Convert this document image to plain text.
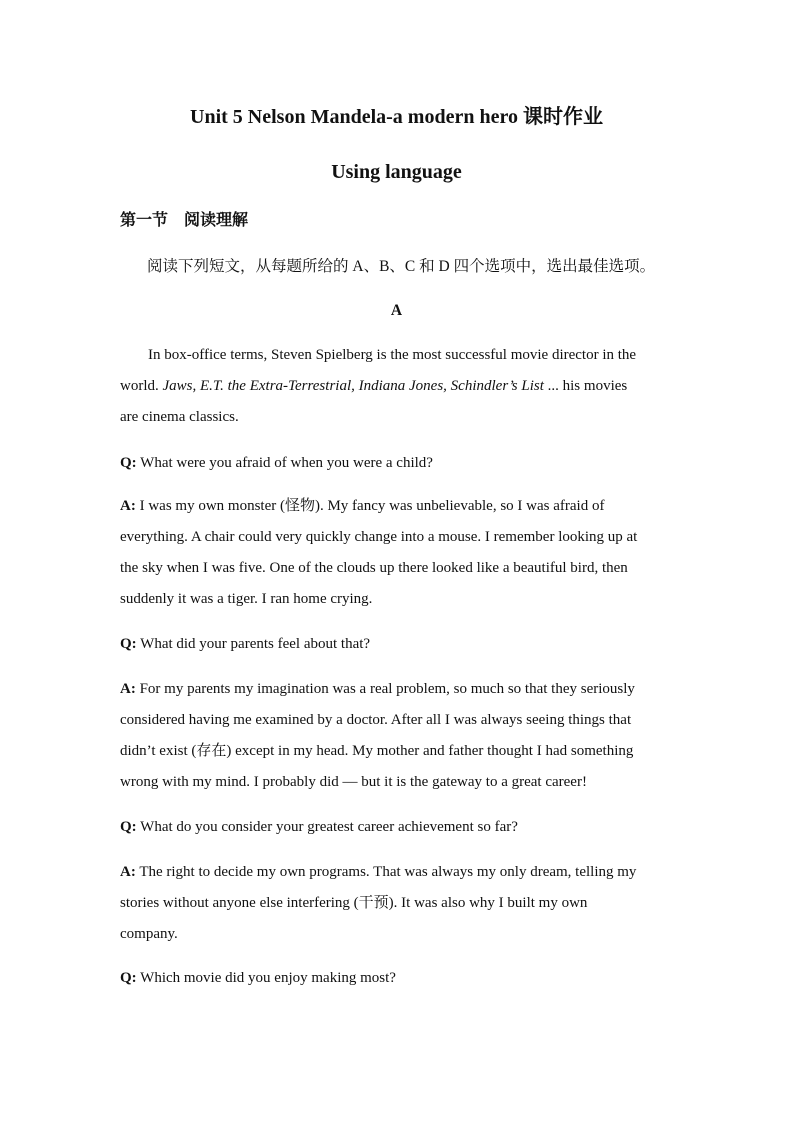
Unit 5 Nelson Mandela-a modern hero 课时作业
Using language
第一节　阅读理解
阅读下列短文，从每题所给的 A、B、C 和 D 四个选项中，选出最佳选项。
A
In box-office terms, Steven Spielberg is the most successful movie director in the
world. Jaws, E.T. the Extra-Terrestrial, Indiana Jones, Schindler’s List ... his movies
are cinema classics.
Q: What were you afraid of when you were a child?
A: I was my own monster (怪物). My fancy was unbelievable, so I was afraid of
everything. A chair could very quickly change into a mouse. I remember looking up at
the sky when I was five. One of the clouds up there looked like a beautiful bird, then
suddenly it was a tiger. I ran home crying.
Q: What did your parents feel about that?
A: For my parents my imagination was a real problem, so much so that they seriously
considered having me examined by a doctor. After all I was always seeing things that
didn’t exist (存在) except in my head. My mother and father thought I had something
wrong with my mind. I probably did — but it is the gateway to a great career!
Q: What do you consider your greatest career achievement so far?
A: The right to decide my own programs. That was always my only dream, telling my
stories without anyone else interfering (干预). It was also why I built my own
company.
Q: Which movie did you enjoy making most?
